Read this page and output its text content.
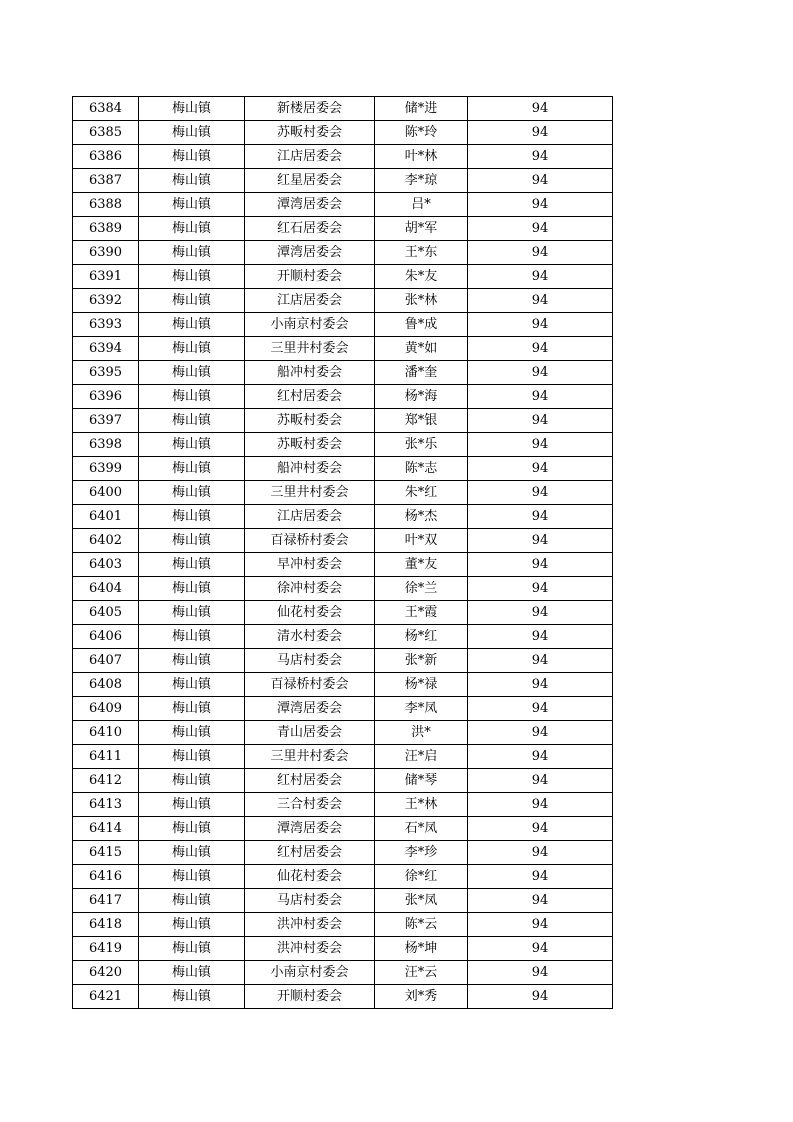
6384	梅山镇	新楼居委会	储*进	94
6385	梅山镇	苏畈村委会	陈*玲	94
6386	梅山镇	江店居委会	叶*林	94
6387	梅山镇	红星居委会	李*琼	94
6388	梅山镇	潭湾居委会	吕*	94
6389	梅山镇	红石居委会	胡*军	94
6390	梅山镇	潭湾居委会	王*东	94
6391	梅山镇	开顺村委会	朱*友	94
6392	梅山镇	江店居委会	张*林	94
6393	梅山镇	小南京村委会	鲁*成	94
6394	梅山镇	三里井村委会	黄*如	94
6395	梅山镇	船冲村委会	潘*奎	94
6396	梅山镇	红村居委会	杨*海	94
6397	梅山镇	苏畈村委会	郑*银	94
6398	梅山镇	苏畈村委会	张*乐	94
6399	梅山镇	船冲村委会	陈*志	94
6400	梅山镇	三里井村委会	朱*红	94
6401	梅山镇	江店居委会	杨*杰	94
6402	梅山镇	百禄桥村委会	叶*双	94
6403	梅山镇	早冲村委会	董*友	94
6404	梅山镇	徐冲村委会	徐*兰	94
6405	梅山镇	仙花村委会	王*霞	94
6406	梅山镇	清水村委会	杨*红	94
6407	梅山镇	马店村委会	张*新	94
6408	梅山镇	百禄桥村委会	杨*禄	94
6409	梅山镇	潭湾居委会	李*凤	94
6410	梅山镇	青山居委会	洪*	94
6411	梅山镇	三里井村委会	汪*启	94
6412	梅山镇	红村居委会	储*琴	94
6413	梅山镇	三合村委会	王*林	94
6414	梅山镇	潭湾居委会	石*凤	94
6415	梅山镇	红村居委会	李*珍	94
6416	梅山镇	仙花村委会	徐*红	94
6417	梅山镇	马店村委会	张*凤	94
6418	梅山镇	洪冲村委会	陈*云	94
6419	梅山镇	洪冲村委会	杨*坤	94
6420	梅山镇	小南京村委会	汪*云	94
6421	梅山镇	开顺村委会	刘*秀	94
